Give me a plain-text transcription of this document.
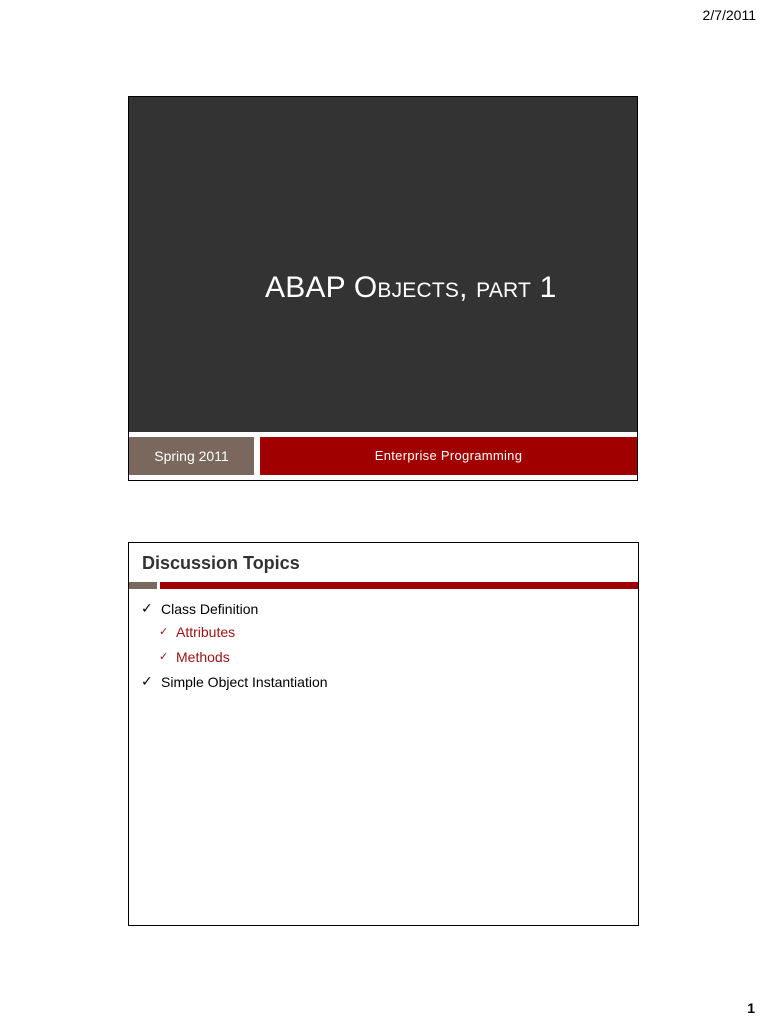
2/7/2011
ABAP OBJECTS, PART 1
Spring 2011	Enterprise Programming
Discussion Topics
✓ Class Definition
✓ Attributes
✓ Methods
✓ Simple Object Instantiation
1
